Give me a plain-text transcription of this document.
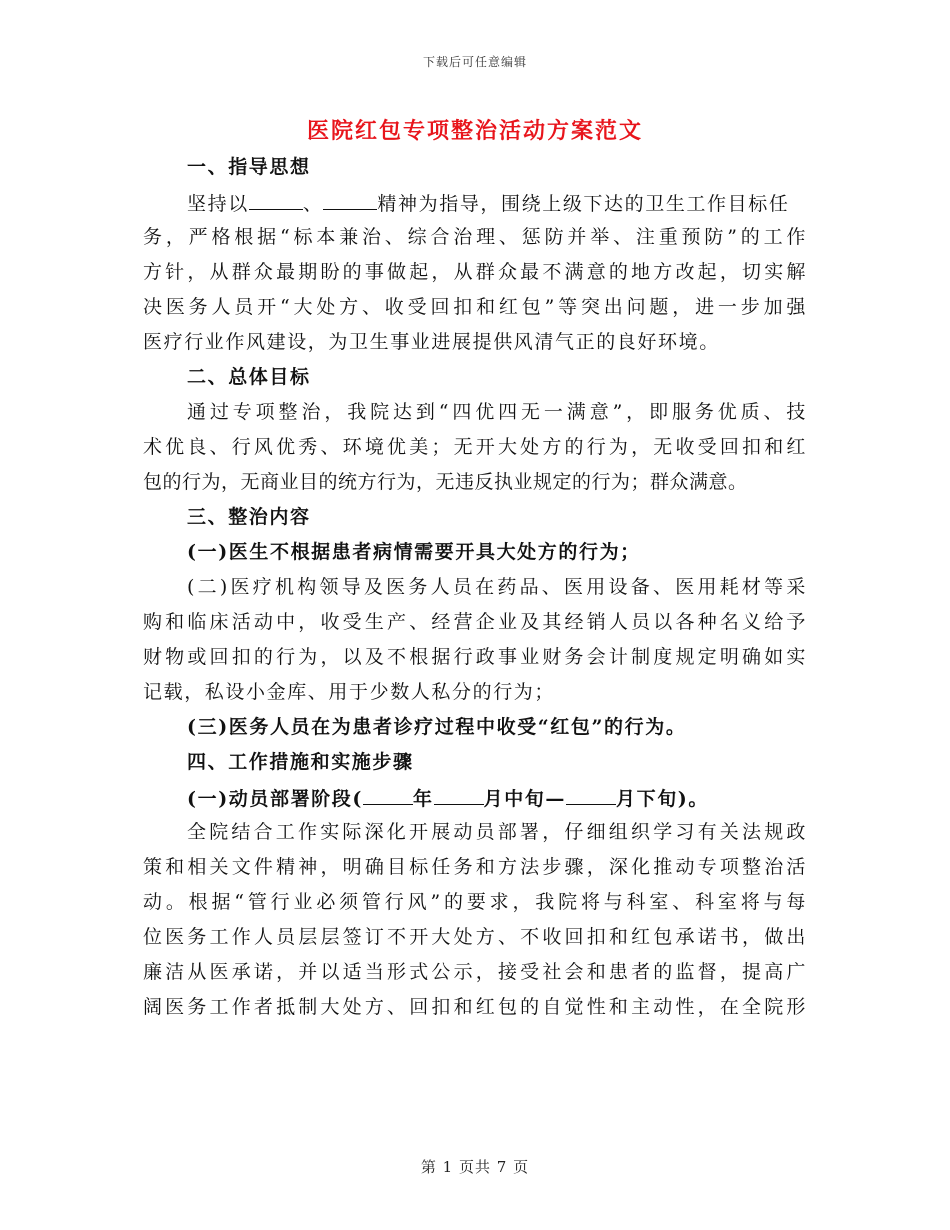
下载后可任意编辑
医院红包专项整治活动方案范文
一、指导思想
坚持以	、	精神为指导，围绕上级下达的卫生工作目标任
务，严格根据“标本兼治、综合治理、惩防并举、注重预防”的工作
方针，从群众最期盼的事做起，从群众最不满意的地方改起，切实解
决医务人员开“大处方、收受回扣和红包”等突出问题，进一步加强
医疗行业作风建设，为卫生事业进展提供风清气正的良好环境。
二、总体目标
通过专项整治，我院达到“四优四无一满意”，即服务优质、技
术优良、行风优秀、环境优美；无开大处方的行为，无收受回扣和红
包的行为，无商业目的统方行为，无违反执业规定的行为；群众满意。
三、整治内容
(一)医生不根据患者病情需要开具大处方的行为；
(二)医疗机构领导及医务人员在药品、医用设备、医用耗材等采
购和临床活动中，收受生产、经营企业及其经销人员以各种名义给予
财物或回扣的行为，以及不根据行政事业财务会计制度规定明确如实
记载，私设小金库、用于少数人私分的行为；
(三)医务人员在为患者诊疗过程中收受“红包”的行为。
四、工作措施和实施步骤
(一)动员部署阶段(	年	月中旬—	月下旬)。
全院结合工作实际深化开展动员部署，仔细组织学习有关法规政
策和相关文件精神，明确目标任务和方法步骤，深化推动专项整治活
动。根据“管行业必须管行风”的要求，我院将与科室、科室将与每
位医务工作人员层层签订不开大处方、不收回扣和红包承诺书，做出
廉洁从医承诺，并以适当形式公示，接受社会和患者的监督，提高广
阔医务工作者抵制大处方、回扣和红包的自觉性和主动性，在全院形
第 1 页共 7 页
